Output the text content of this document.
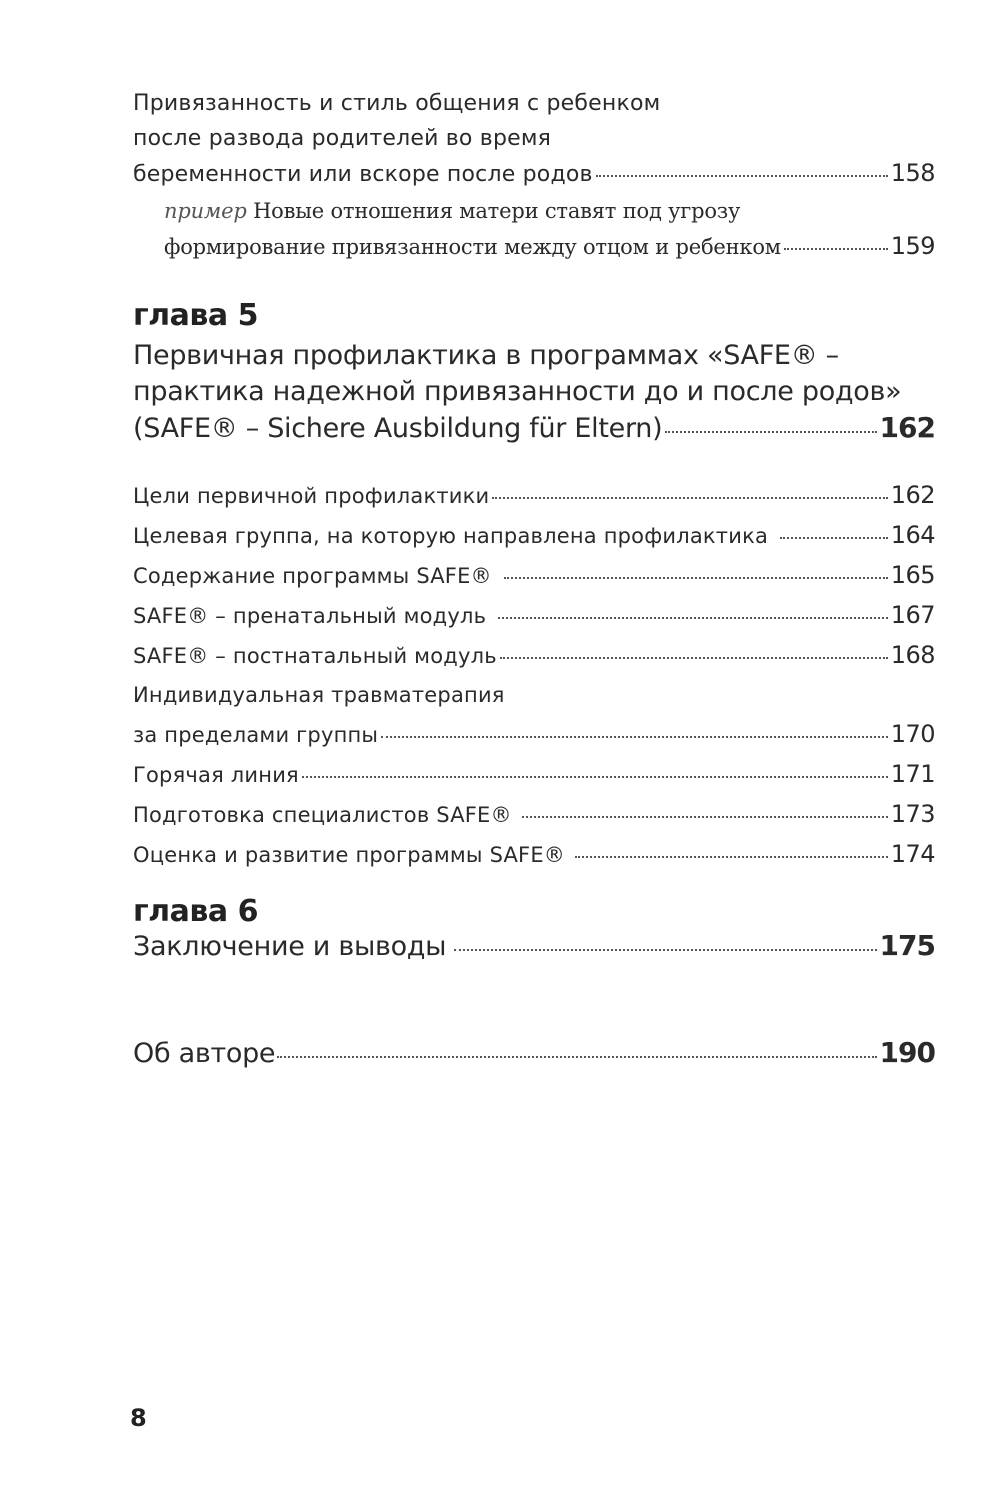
Привязанность и стиль общения с ребенком
после развода родителей во время
беременности или вскоре после родов	158
пример Новые отношения матери ставят под угрозу
формирование привязанности между отцом и ребенком	159
глава 5
Первичная профилактика в программах «SAFE® –
практика надежной привязанности до и после родов»
(SAFE® – Sichere Ausbildung für Eltern)	162
Цели первичной профилактики	162
Целевая группа, на которую направлена профилактика	164
Содержание программы SAFE®	165
SAFE® – пренатальный модуль	167
SAFE® – постнатальный модуль	168
Индивидуальная травматерапия
за пределами группы	170
Горячая линия	171
Подготовка специалистов SAFE®	173
Оценка и развитие программы SAFE®	174
глава 6
Заключение и выводы	175
Об авторе	190
8
